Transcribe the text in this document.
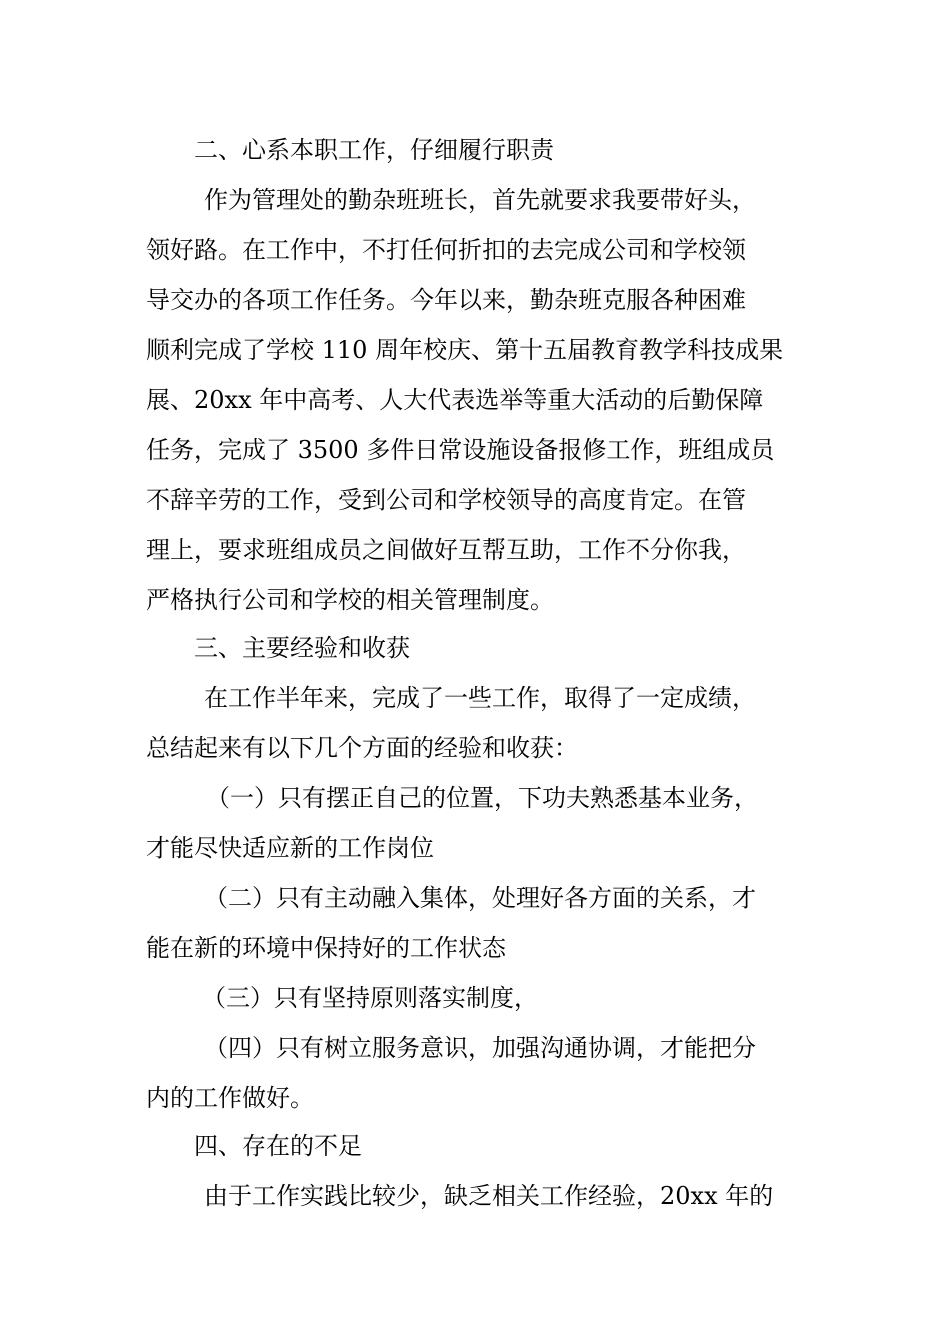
二、心系本职工作，仔细履行职责
作为管理处的勤杂班班长，首先就要求我要带好头，
领好路。在工作中，不打任何折扣的去完成公司和学校领
导交办的各项工作任务。今年以来，勤杂班克服各种困难
顺利完成了学校 110 周年校庆、第十五届教育教学科技成果
展、20xx 年中高考、人大代表选举等重大活动的后勤保障
任务，完成了 3500 多件日常设施设备报修工作，班组成员
不辞辛劳的工作，受到公司和学校领导的高度肯定。在管
理上，要求班组成员之间做好互帮互助，工作不分你我，
严格执行公司和学校的相关管理制度。
三、主要经验和收获
在工作半年来，完成了一些工作，取得了一定成绩，
总结起来有以下几个方面的经验和收获：
（一）只有摆正自己的位置，下功夫熟悉基本业务，
才能尽快适应新的工作岗位
（二）只有主动融入集体，处理好各方面的关系，才
能在新的环境中保持好的工作状态
（三）只有坚持原则落实制度，
（四）只有树立服务意识，加强沟通协调，才能把分
内的工作做好。
四、存在的不足
由于工作实践比较少，缺乏相关工作经验，20xx 年的
